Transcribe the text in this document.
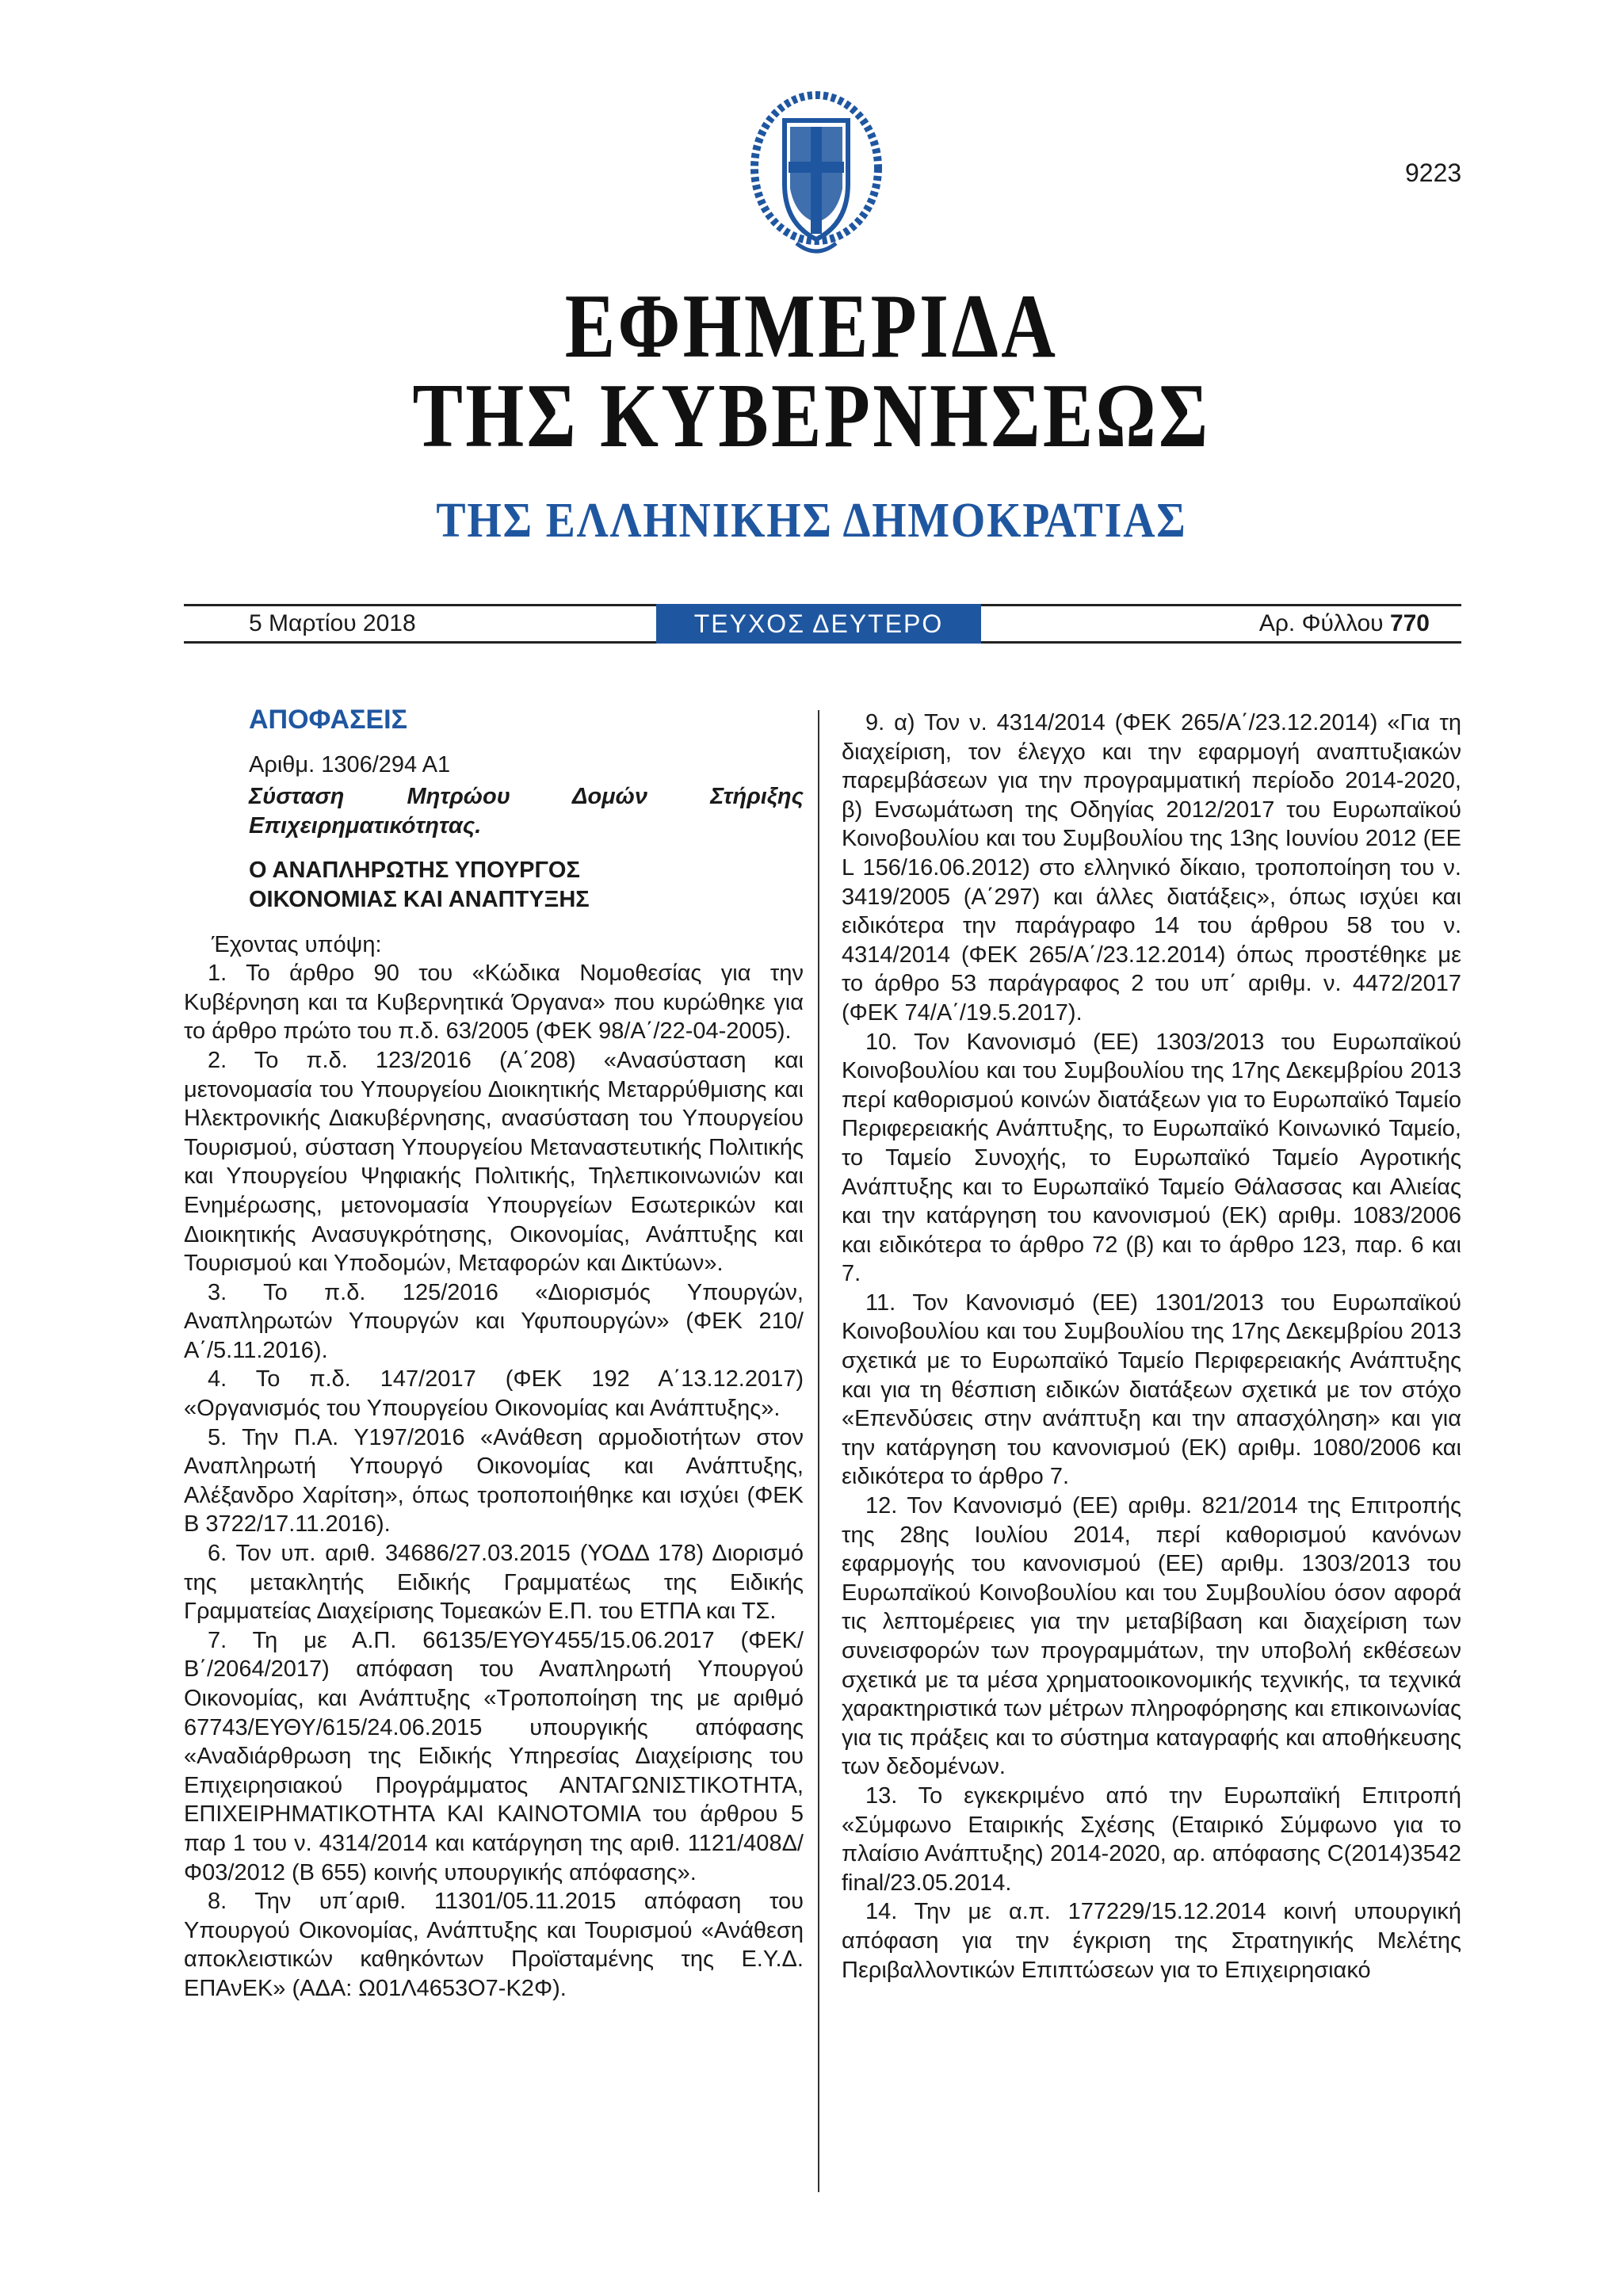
9223
ΕΦΗΜΕΡΙΔΑ
ΤΗΣ ΚΥΒΕΡΝΗΣΕΩΣ
ΤΗΣ ΕΛΛΗΝΙΚΗΣ ΔΗΜΟΚΡΑΤΙΑΣ
5 Μαρτίου 2018	ΤΕΥΧΟΣ ΔΕΥΤΕΡΟ	Αρ. Φύλλου 770
ΑΠΟΦΑΣΕΙΣ
Αριθμ. 1306/294 Α1
Σύσταση Μητρώου Δομών Στήριξης Επιχειρηματικότητας.
Ο ΑΝΑΠΛΗΡΩΤΗΣ ΥΠΟΥΡΓΟΣ
ΟΙΚΟΝΟΜΙΑΣ ΚΑΙ ΑΝΑΠΤΥΞΗΣ

Έχοντας υπόψη:

1. Το άρθρο 90 του «Κώδικα Νομοθεσίας για την Κυβέρνηση και τα Κυβερνητικά Όργανα» που κυρώθηκε για το άρθρο πρώτο του π.δ. 63/2005 (ΦΕΚ 98/Α΄/22-04-2005).

2. Το π.δ. 123/2016 (Α΄208) «Ανασύσταση και μετονομασία του Υπουργείου Διοικητικής Μεταρρύθμισης και Ηλεκτρονικής Διακυβέρνησης, ανασύσταση του Υπουργείου Τουρισμού, σύσταση Υπουργείου Μεταναστευτικής Πολιτικής και Υπουργείου Ψηφιακής Πολιτικής, Τηλεπικοινωνιών και Ενημέρωσης, μετονομασία Υπουργείων Εσωτερικών και Διοικητικής Ανασυγκρότησης, Οικονομίας, Ανάπτυξης και Τουρισμού και Υποδομών, Μεταφορών και Δικτύων».

3. Το π.δ. 125/2016 «Διορισμός Υπουργών, Αναπληρωτών Υπουργών και Υφυπουργών» (ΦΕΚ 210/Α΄/5.11.2016).

4. Το π.δ. 147/2017 (ΦΕΚ 192 Α΄13.12.2017) «Οργανισμός του Υπουργείου Οικονομίας και Ανάπτυξης».

5. Την Π.Α. Υ197/2016 «Ανάθεση αρμοδιοτήτων στον Αναπληρωτή Υπουργό Οικονομίας και Ανάπτυξης, Αλέξανδρο Χαρίτση», όπως τροποποιήθηκε και ισχύει (ΦΕΚ Β 3722/17.11.2016).

6. Τον υπ. αριθ. 34686/27.03.2015 (ΥΟΔΔ 178) Διορισμό της μετακλητής Ειδικής Γραμματέως της Ειδικής Γραμματείας Διαχείρισης Τομεακών Ε.Π. του ΕΤΠΑ και ΤΣ.

7. Τη με Α.Π. 66135/ΕΥΘΥ455/15.06.2017 (ΦΕΚ/Β΄/2064/2017) απόφαση του Αναπληρωτή Υπουργού Οικονομίας, και Ανάπτυξης «Τροποποίηση της με αριθμό 67743/ΕΥΘΥ/615/24.06.2015 υπουργικής απόφασης «Αναδιάρθρωση της Ειδικής Υπηρεσίας Διαχείρισης του Επιχειρησιακού Προγράμματος ΑΝΤΑΓΩΝΙΣΤΙΚΟΤΗΤΑ, ΕΠΙΧΕΙΡΗΜΑΤΙΚΟΤΗΤΑ ΚΑΙ ΚΑΙΝΟΤΟΜΙΑ του άρθρου 5 παρ 1 του ν. 4314/2014 και κατάργηση της αριθ. 1121/408Δ/Φ03/2012 (Β 655) κοινής υπουργικής απόφασης».

8. Την υπ΄αριθ. 11301/05.11.2015 απόφαση του Υπουργού Οικονομίας, Ανάπτυξης και Τουρισμού «Ανάθεση αποκλειστικών καθηκόντων Προϊσταμένης της Ε.Υ.Δ. ΕΠΑνΕΚ» (ΑΔΑ: Ω01Λ4653Ο7-Κ2Φ).

9. α) Τον ν. 4314/2014 (ΦΕΚ 265/Α΄/23.12.2014) «Για τη διαχείριση, τον έλεγχο και την εφαρμογή αναπτυξιακών παρεμβάσεων για την προγραμματική περίοδο 2014-2020, β) Ενσωμάτωση της Οδηγίας 2012/2017 του Ευρωπαϊκού Κοινοβουλίου και του Συμβουλίου της 13ης Ιουνίου 2012 (ΕΕ L 156/16.06.2012) στο ελληνικό δίκαιο, τροποποίηση του ν. 3419/2005 (Α΄297) και άλλες διατάξεις», όπως ισχύει και ειδικότερα την παράγραφο 14 του άρθρου 58 του ν. 4314/2014 (ΦΕΚ 265/Α΄/23.12.2014) όπως προστέθηκε με το άρθρο 53 παράγραφος 2 του υπ΄ αριθμ. ν. 4472/2017 (ΦΕΚ 74/Α΄/19.5.2017).

10. Τον Κανονισμό (ΕΕ) 1303/2013 του Ευρωπαϊκού Κοινοβουλίου και του Συμβουλίου της 17ης Δεκεμβρίου 2013 περί καθορισμού κοινών διατάξεων για το Ευρωπαϊκό Ταμείο Περιφερειακής Ανάπτυξης, το Ευρωπαϊκό Κοινωνικό Ταμείο, το Ταμείο Συνοχής, το Ευρωπαϊκό Ταμείο Αγροτικής Ανάπτυξης και το Ευρωπαϊκό Ταμείο Θάλασσας και Αλιείας και την κατάργηση του κανονισμού (ΕΚ) αριθμ. 1083/2006 και ειδικότερα το άρθρο 72 (β) και το άρθρο 123, παρ. 6 και 7.

11. Τον Κανονισμό (ΕΕ) 1301/2013 του Ευρωπαϊκού Κοινοβουλίου και του Συμβουλίου της 17ης Δεκεμβρίου 2013 σχετικά με το Ευρωπαϊκό Ταμείο Περιφερειακής Ανάπτυξης και για τη θέσπιση ειδικών διατάξεων σχετικά με τον στόχο «Επενδύσεις στην ανάπτυξη και την απασχόληση» και για την κατάργηση του κανονισμού (ΕΚ) αριθμ. 1080/2006 και ειδικότερα το άρθρο 7.

12. Τον Κανονισμό (ΕΕ) αριθμ. 821/2014 της Επιτροπής της 28ης Ιουλίου 2014, περί καθορισμού κανόνων εφαρμογής του κανονισμού (ΕΕ) αριθμ. 1303/2013 του Ευρωπαϊκού Κοινοβουλίου και του Συμβουλίου όσον αφορά τις λεπτομέρειες για την μεταβίβαση και διαχείριση των συνεισφορών των προγραμμάτων, την υποβολή εκθέσεων σχετικά με τα μέσα χρηματοοικονομικής τεχνικής, τα τεχνικά χαρακτηριστικά των μέτρων πληροφόρησης και επικοινωνίας για τις πράξεις και το σύστημα καταγραφής και αποθήκευσης των δεδομένων.

13. Το εγκεκριμένο από την Ευρωπαϊκή Επιτροπή «Σύμφωνο Εταιρικής Σχέσης (Εταιρικό Σύμφωνο για το πλαίσιο Ανάπτυξης) 2014-2020, αρ. απόφασης C(2014)3542 final/23.05.2014.

14. Την με α.π. 177229/15.12.2014 κοινή υπουργική απόφαση για την έγκριση της Στρατηγικής Μελέτης Περιβαλλοντικών Επιπτώσεων για το Επιχειρησιακό
